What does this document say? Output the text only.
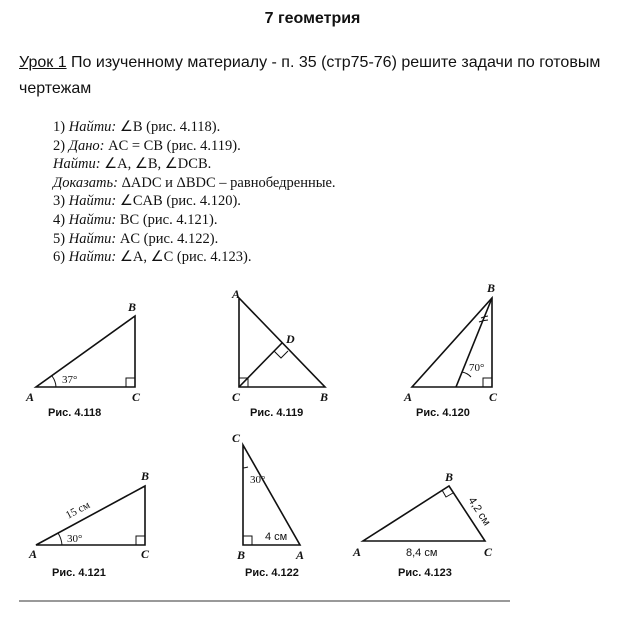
7 геометрия
Урок 1 По изученному материалу - п. 35 (стр75-76) решите задачи по готовым чертежам
1) Найти: ∠B (рис. 4.118).
2) Дано: AC = CB (рис. 4.119).
Найти: ∠A, ∠B, ∠DCB.
Доказать: ΔADC и ΔBDC – равнобедренные.
3) Найти: ∠CAB (рис. 4.120).
4) Найти: BC (рис. 4.121).
5) Найти: AC (рис. 4.122).
6) Найти: ∠A, ∠C (рис. 4.123).
B
A	C
37°
Рис. 4.118
A
D
C	B
Рис. 4.119
B
A	C
70°
Рис. 4.120
B
A	C
30°
15 см
Рис. 4.121
C
B	A
30°
4 см
Рис. 4.122
B
A	C
4,2 см
8,4 см
Рис. 4.123
